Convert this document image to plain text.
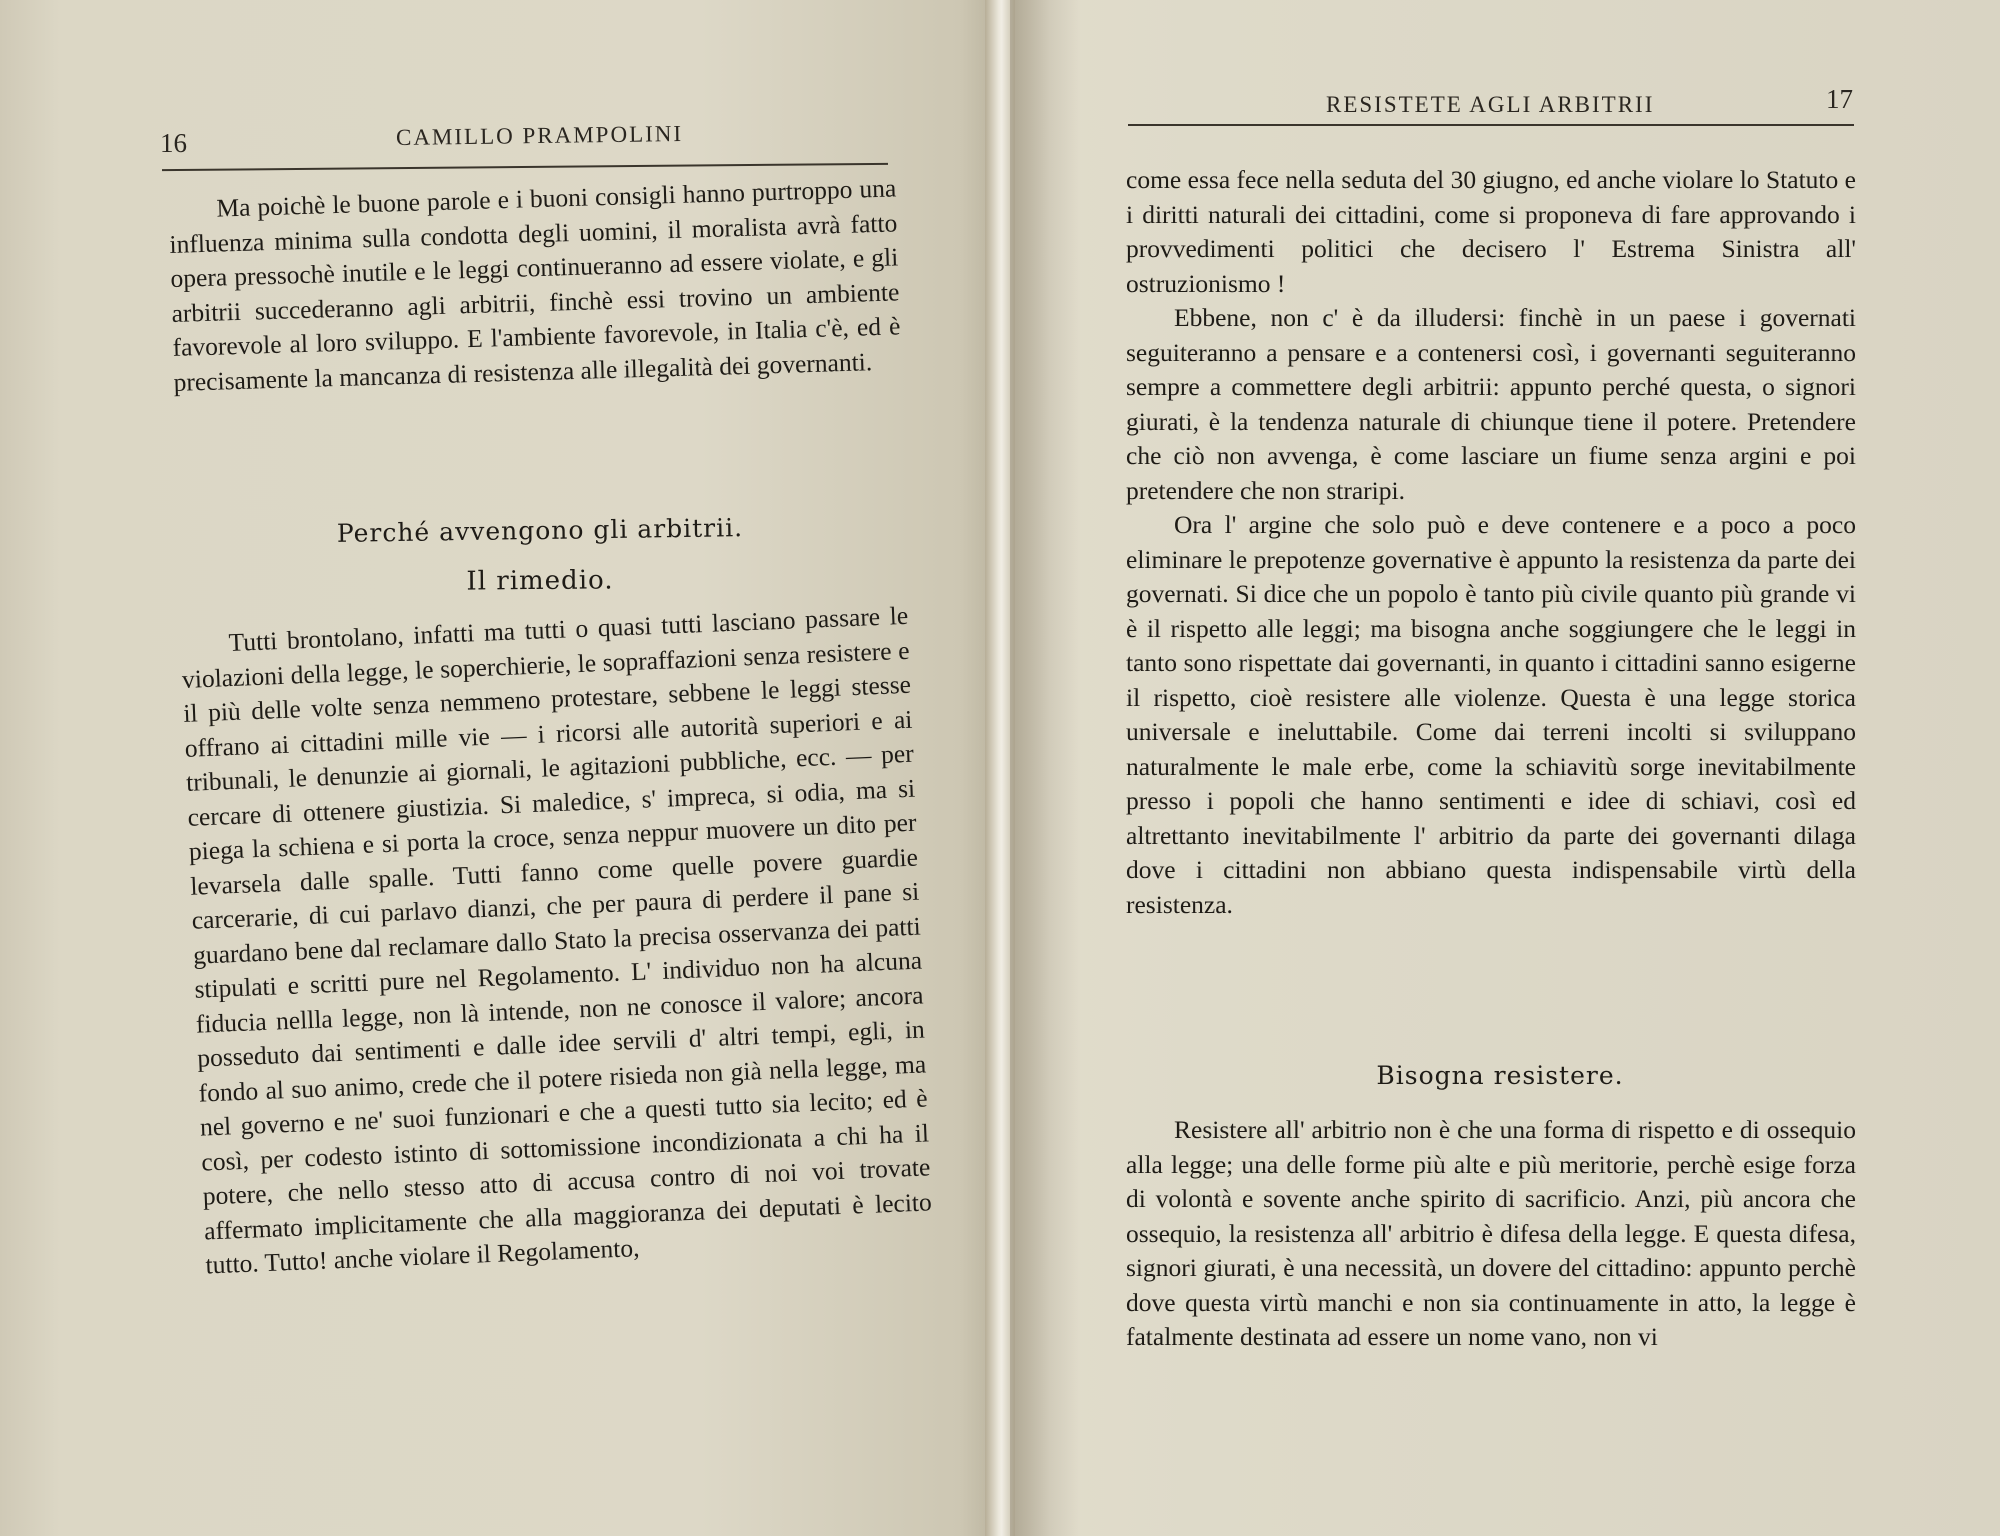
16	CAMILLO PRAMPOLINI

Ma poichè le buone parole e i buoni consigli hanno purtroppo una influenza minima sulla condotta degli uomini, il moralista avrà fatto opera pressochè inutile e le leggi continueranno ad essere violate, e gli arbitrii succederanno agli arbitrii, finchè essi trovino un ambiente favorevole al loro sviluppo. E l'ambiente favorevole, in Italia c'è, ed è precisamente la mancanza di resistenza alle illegalità dei governanti.

Perché avvengono gli arbitrii.
Il rimedio.

Tutti brontolano, infatti ma tutti o quasi tutti lasciano passare le violazioni della legge, le soperchierie, le sopraffazioni senza resistere e il più delle volte senza nemmeno protestare, sebbene le leggi stesse offrano ai cittadini mille vie — i ricorsi alle autorità superiori e ai tribunali, le denunzie ai giornali, le agitazioni pubbliche, ecc. — per cercare di ottenere giustizia. Si maledice, s' impreca, si odia, ma si piega la schiena e si porta la croce, senza neppur muovere un dito per levarsela dalle spalle. Tutti fanno come quelle povere guardie carcerarie, di cui parlavo dianzi, che per paura di perdere il pane si guardano bene dal reclamare dallo Stato la precisa osservanza dei patti stipulati e scritti pure nel Regolamento. L' individuo non ha alcuna fiducia nellla legge, non là intende, non ne conosce il valore; ancora posseduto dai sentimenti e dalle idee servili d' altri tempi, egli, in fondo al suo animo, crede che il potere risieda non già nella legge, ma nel governo e ne' suoi funzionari e che a questi tutto sia lecito; ed è così, per codesto istinto di sottomissione incondizionata a chi ha il potere, che nello stesso atto di accusa contro di noi voi trovate affermato implicitamente che alla maggioranza dei deputati è lecito tutto. Tutto! anche violare il Regolamento,

RESISTETE AGLI ARBITRII	17

come essa fece nella seduta del 30 giugno, ed anche violare lo Statuto e i diritti naturali dei cittadini, come si proponeva di fare approvando i provvedimenti politici che decisero l' Estrema Sinistra all' ostruzionismo !

Ebbene, non c' è da illudersi: finchè in un paese i governati seguiteranno a pensare e a contenersi così, i governanti seguiteranno sempre a commettere degli arbitrii: appunto perché questa, o signori giurati, è la tendenza naturale di chiunque tiene il potere. Pretendere che ciò non avvenga, è come lasciare un fiume senza argini e poi pretendere che non straripi.

Ora l' argine che solo può e deve contenere e a poco a poco eliminare le prepotenze governative è appunto la resistenza da parte dei governati. Si dice che un popolo è tanto più civile quanto più grande vi è il rispetto alle leggi; ma bisogna anche soggiungere che le leggi in tanto sono rispettate dai governanti, in quanto i cittadini sanno esigerne il rispetto, cioè resistere alle violenze. Questa è una legge storica universale e ineluttabile. Come dai terreni incolti si sviluppano naturalmente le male erbe, come la schiavitù sorge inevitabilmente presso i popoli che hanno sentimenti e idee di schiavi, così ed altrettanto inevitabilmente l' arbitrio da parte dei governanti dilaga dove i cittadini non abbiano questa indispensabile virtù della resistenza.

Bisogna resistere.

Resistere all' arbitrio non è che una forma di rispetto e di ossequio alla legge; una delle forme più alte e più meritorie, perchè esige forza di volontà e sovente anche spirito di sacrificio. Anzi, più ancora che ossequio, la resistenza all' arbitrio è difesa della legge. E questa difesa, signori giurati, è una necessità, un dovere del cittadino: appunto perchè dove questa virtù manchi e non sia continuamente in atto, la legge è fatalmente destinata ad essere un nome vano, non vi
